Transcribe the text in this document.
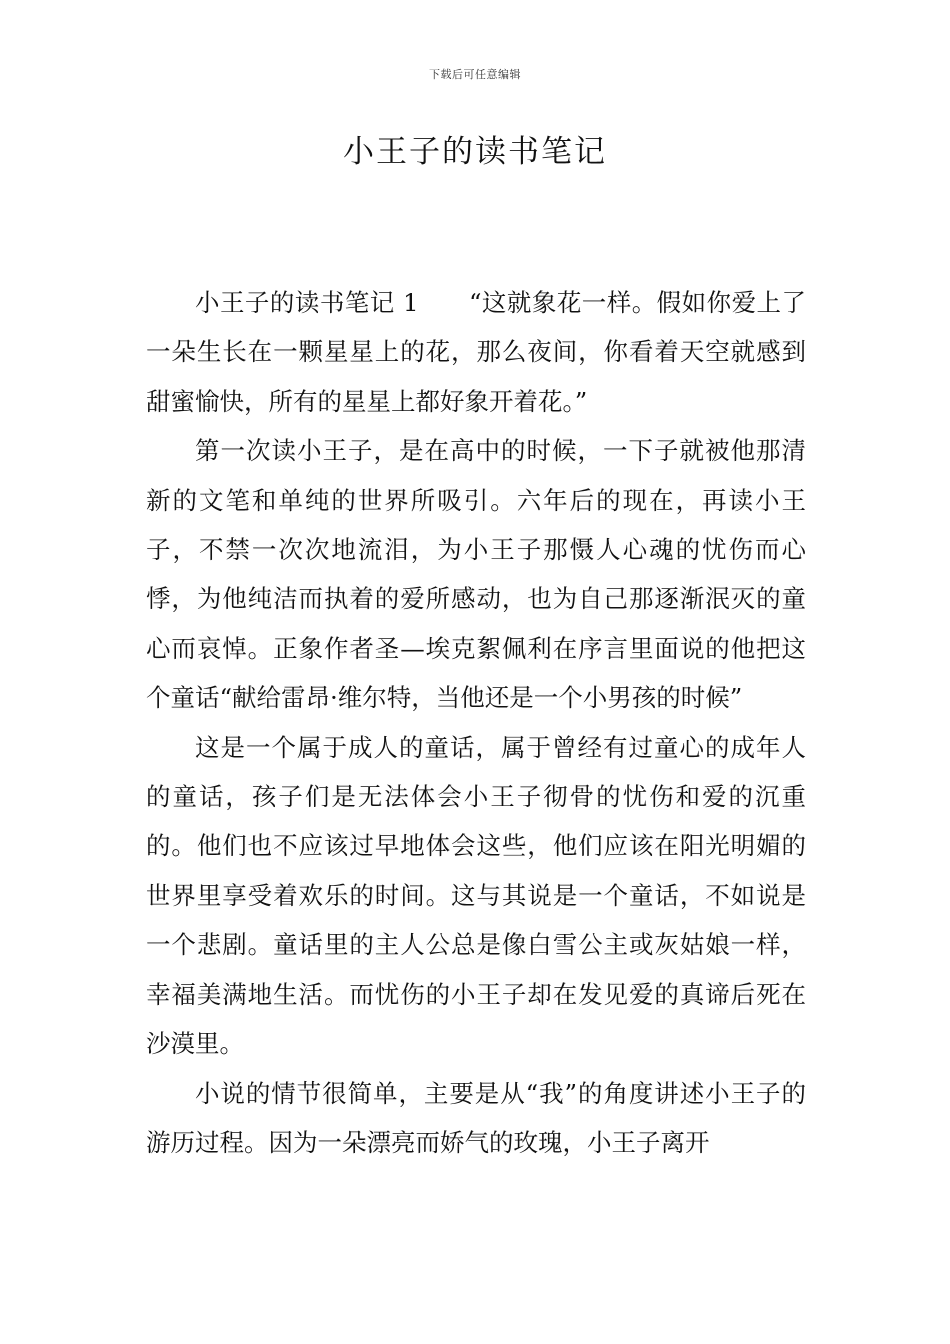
下载后可任意编辑
小王子的读书笔记

小王子的读书笔记 1　　“这就象花一样。假如你爱上了一朵生长在一颗星星上的花，那么夜间，你看着天空就感到甜蜜愉快，所有的星星上都好象开着花。”

第一次读小王子，是在高中的时候，一下子就被他那清新的文笔和单纯的世界所吸引。六年后的现在，再读小王子，不禁一次次地流泪，为小王子那慑人心魂的忧伤而心悸，为他纯洁而执着的爱所感动，也为自己那逐渐泯灭的童心而哀悼。正象作者圣—埃克絮佩利在序言里面说的他把这个童话“献给雷昂·维尔特，当他还是一个小男孩的时候”

这是一个属于成人的童话，属于曾经有过童心的成年人的童话，孩子们是无法体会小王子彻骨的忧伤和爱的沉重的。他们也不应该过早地体会这些，他们应该在阳光明媚的世界里享受着欢乐的时间。这与其说是一个童话，不如说是一个悲剧。童话里的主人公总是像白雪公主或灰姑娘一样，幸福美满地生活。而忧伤的小王子却在发见爱的真谛后死在沙漠里。

小说的情节很简单，主要是从“我”的角度讲述小王子的游历过程。因为一朵漂亮而娇气的玫瑰，小王子离开
